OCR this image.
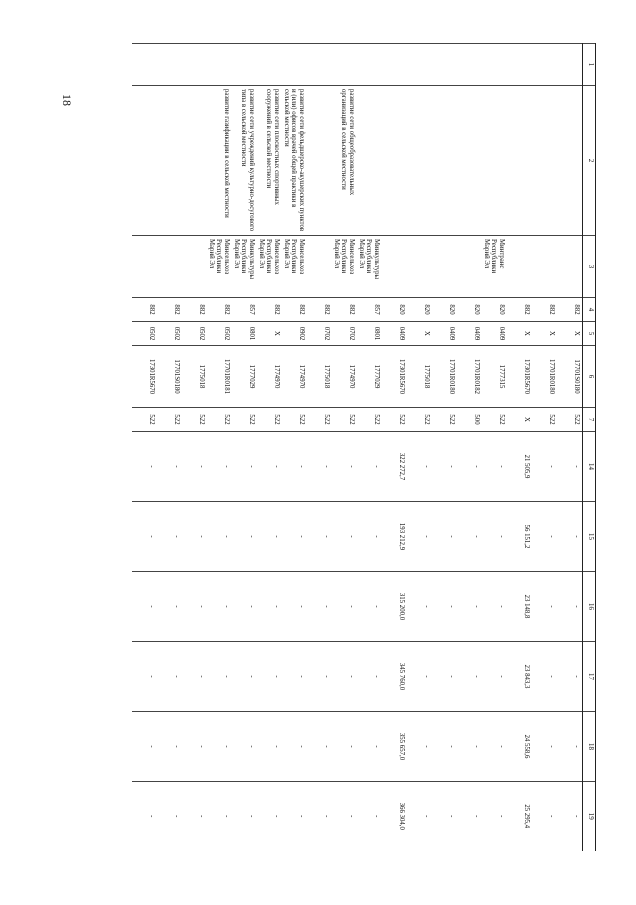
18
1	2	3	4	5	6	7	14	15	16	17	18	19
			882	X	17701S0180	522	-	-	-	-	-	-
			882	X	17701R0180	522	-	-	-	-	-	-
			882	X	17301R5670	X	21 505,9	56 151,2	23 148,8	23 843,3	24 558,6	25 295,4
		Минтранс Республики Марий Эл	820	0409	1777315	522	-	-	-	-	-	-
			820	0409	17701R0182	500	-	-	-	-	-	-
			820	0409	17701R0180	522	-	-	-	-	-	-
			820	X	1775018	522	-	-	-	-	-	-
			820	0409	17301R5670	522	322 272,7	193 212,9	315 200,0	345 760,0	355 657,0	366 304,0
		Минкультуры Республики Марий Эл	857	0801	1777029	522	-	-	-	-	-	-
	развитие сети общеобразовательных организаций в сельской местности	Минсельхоз Республики Марий Эл	882	0702	1774970	522	-	-	-	-	-	-
			882	0702	1775018	522	-	-	-	-	-	-
	развитие сети фельдшерско-акушерских пунктов и (или) офисов врачей общей практики в сельской местности	Минсельхоз Республики Марий Эл	882	0902	1774970	522	-	-	-	-	-	-
	развитие сети плоскостных спортивных сооружений в сельской местности	Минсельхоз Республики Марий Эл	882	X	1774970	522	-	-	-	-	-	-
	развитие сети учреждений культурно-досугового типа в сельской местности	Минкультуры Республики Марий Эл	857	0801	1777029	522	-	-	-	-	-	-
	развитие газификации в сельской местности	Минсельхоз Республики Марий Эл	882	0502	17701R0181	522	-	-	-	-	-	-
			882	0502	1775018	522	-	-	-	-	-	-
			882	0502	17701S0180	522	-	-	-	-	-	-
			882	0502	17301R5670	522	-	-	-	-	-	-
